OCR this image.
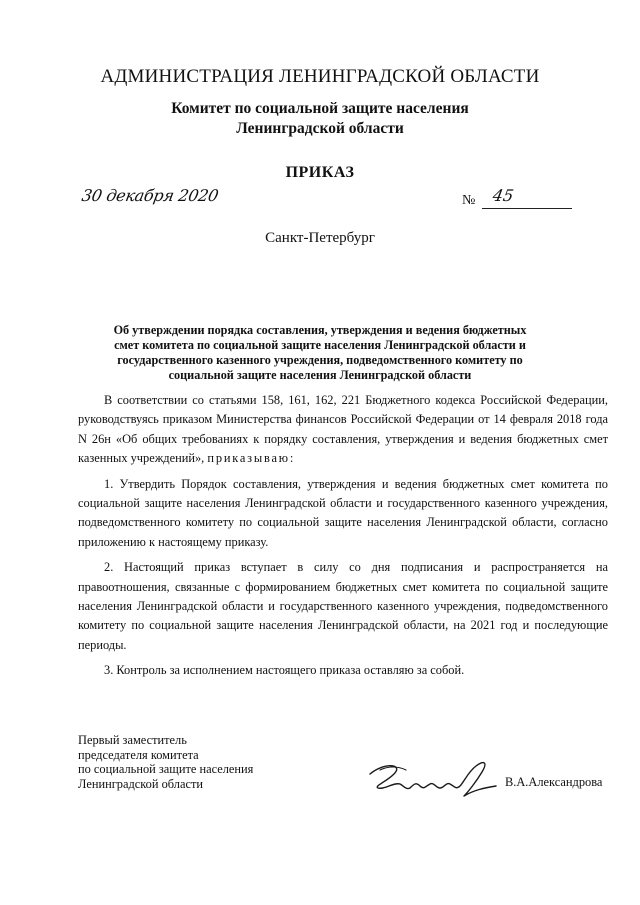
АДМИНИСТРАЦИЯ ЛЕНИНГРАДСКОЙ ОБЛАСТИ
Комитет по социальной защите населения
Ленинградской области
ПРИКАЗ
30 декабря 2020	№ 45
Санкт-Петербург
Об утверждении порядка составления, утверждения и ведения бюджетных смет комитета по социальной защите населения Ленинградской области и государственного казенного учреждения, подведомственного комитету по социальной защите населения Ленинградской области

В соответствии со статьями 158, 161, 162, 221 Бюджетного кодекса Российской Федерации, руководствуясь приказом Министерства финансов Российской Федерации от 14 февраля 2018 года N 26н «Об общих требованиях к порядку составления, утверждения и ведения бюджетных смет казенных учреждений», приказываю:

1. Утвердить Порядок составления, утверждения и ведения бюджетных смет комитета по социальной защите населения Ленинградской области и государственного казенного учреждения, подведомственного комитету по социальной защите населения Ленинградской области, согласно приложению к настоящему приказу.

2. Настоящий приказ вступает в силу со дня подписания и распространяется на правоотношения, связанные с формированием бюджетных смет комитета по социальной защите населения Ленинградской области и государственного казенного учреждения, подведомственного комитету по социальной защите населения Ленинградской области, на 2021 год и последующие периоды.

3. Контроль за исполнением настоящего приказа оставляю за собой.

Первый заместитель
председателя комитета
по социальной защите населения
Ленинградской области	В.А.Александрова
